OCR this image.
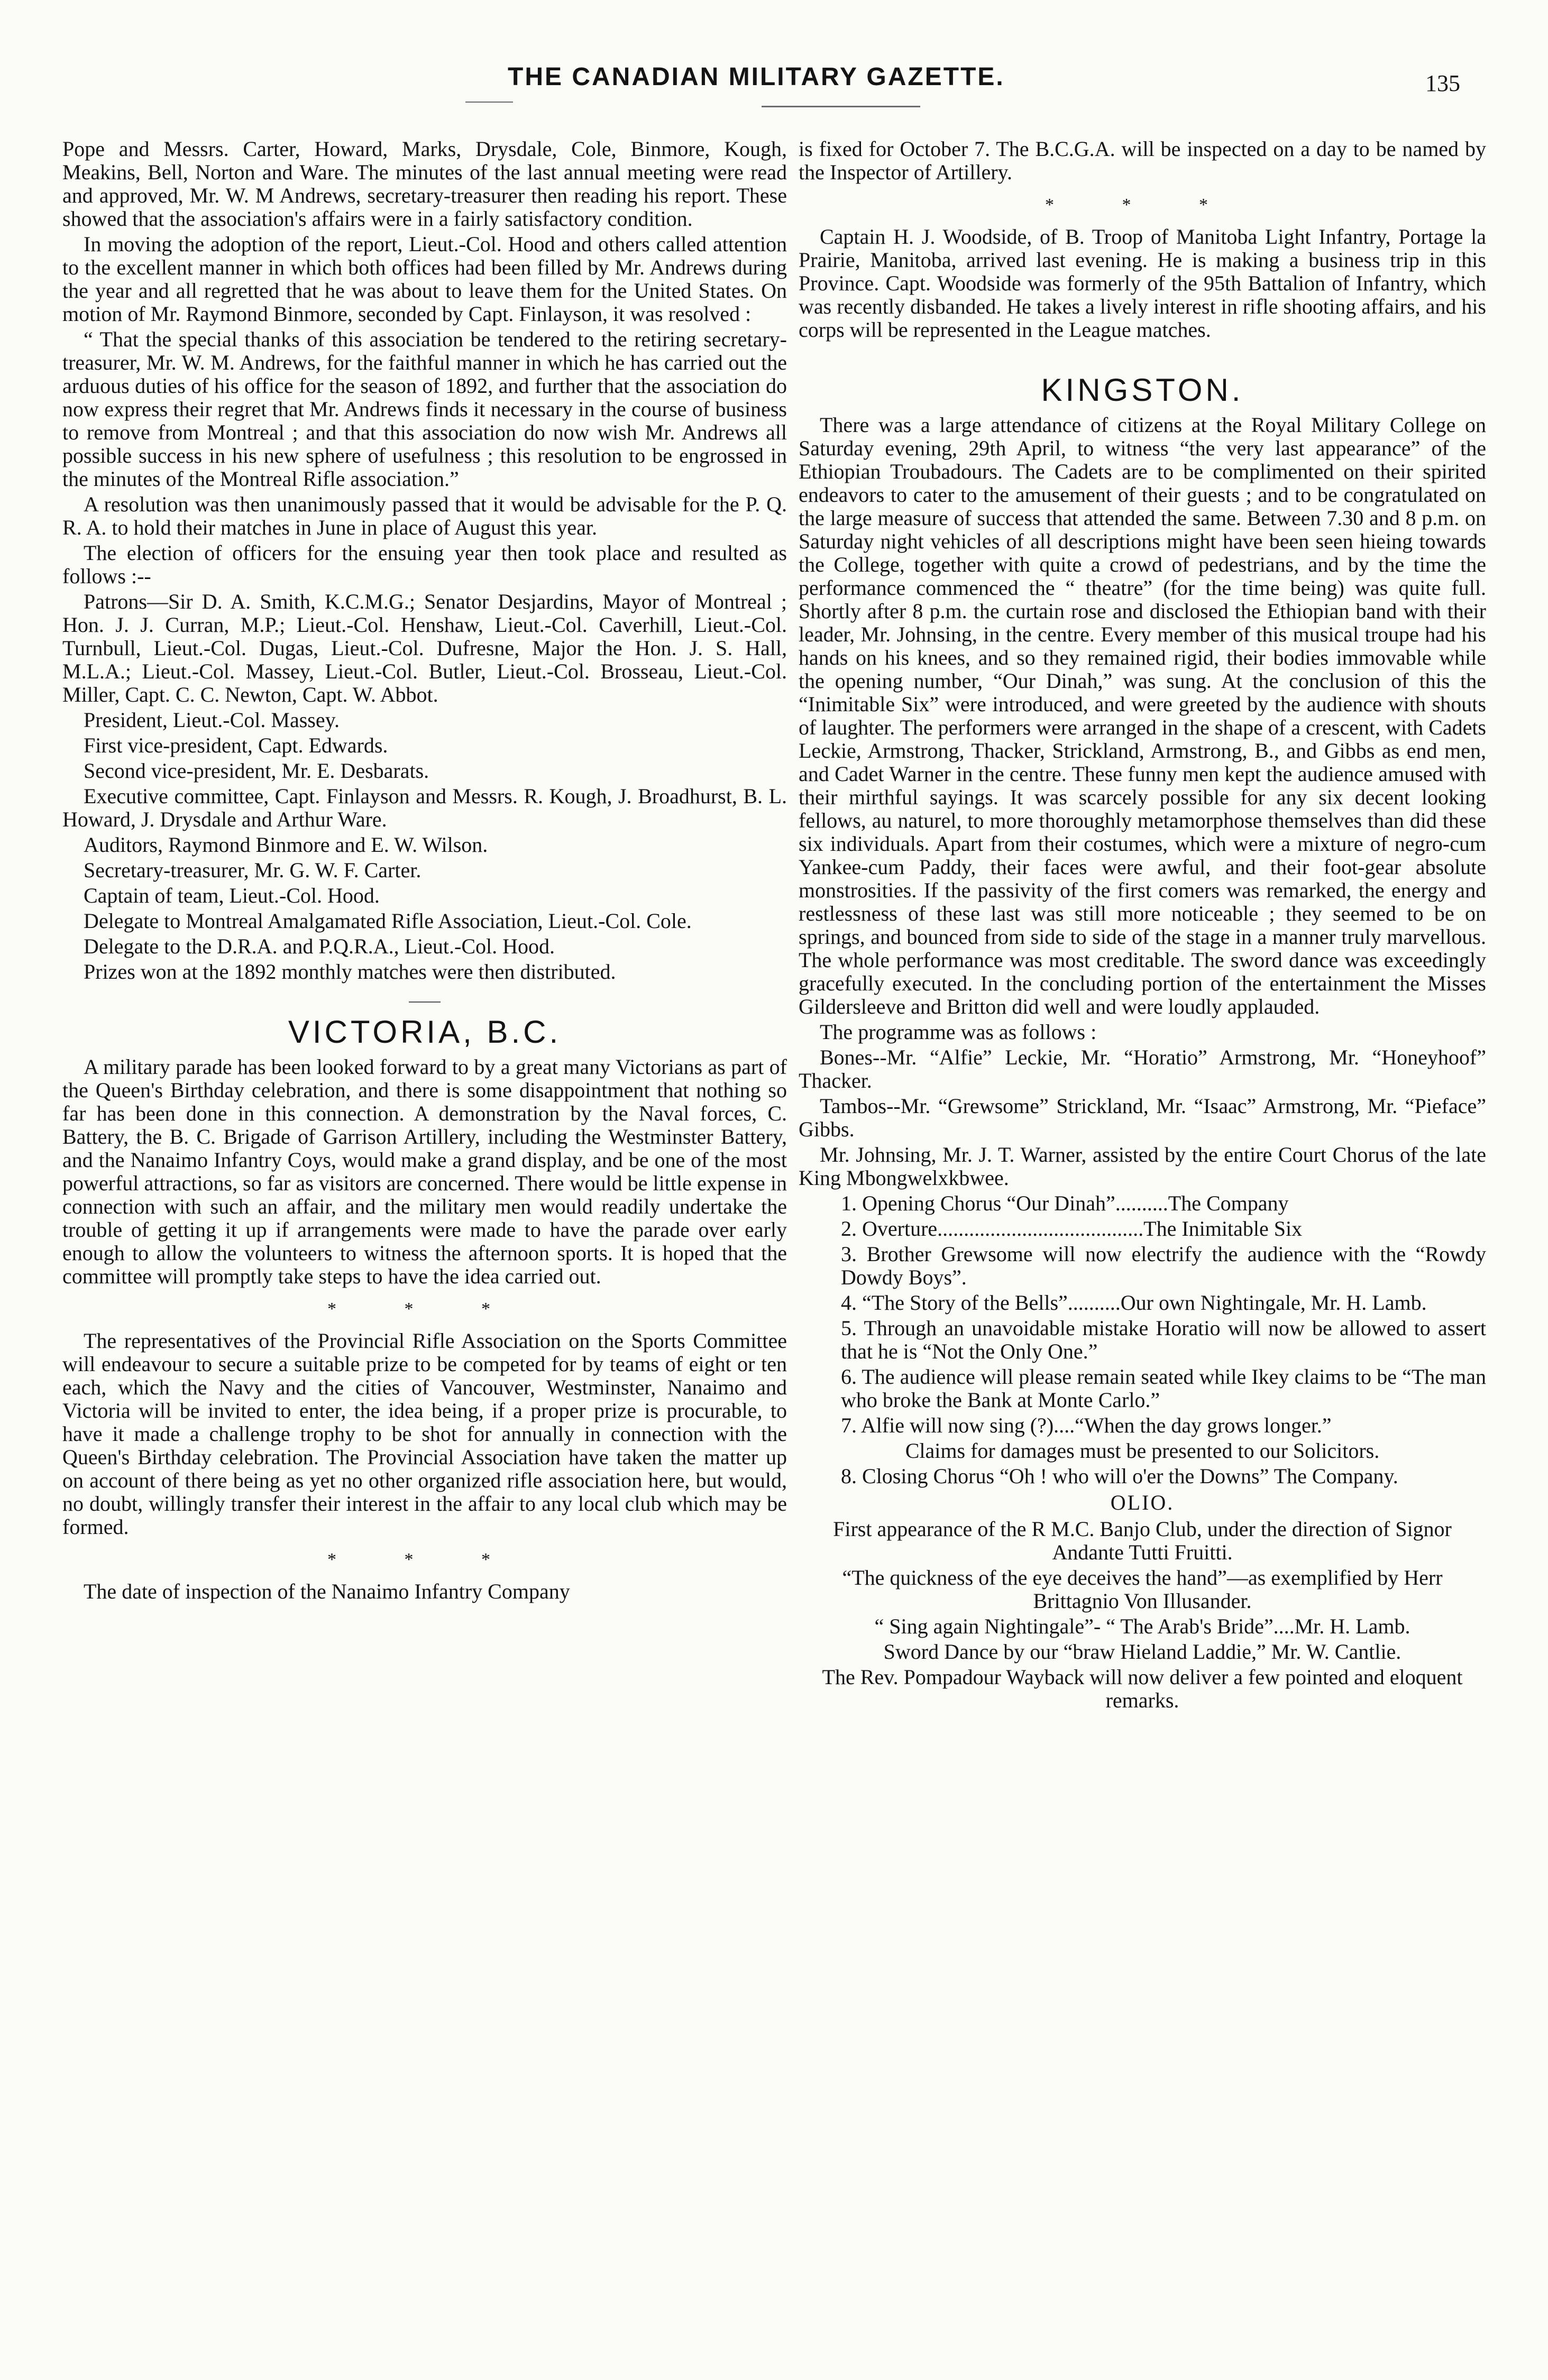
THE CANADIAN MILITARY GAZETTE.	135

Pope and Messrs. Carter, Howard, Marks, Drysdale, Cole, Binmore, Kough, Meakins, Bell, Norton and Ware. The minutes of the last annual meeting were read and approved, Mr. W. M Andrews, secretary-treasurer then reading his report. These showed that the association's affairs were in a fairly satisfactory condition.

In moving the adoption of the report, Lieut.-Col. Hood and others called attention to the excellent manner in which both offices had been filled by Mr. Andrews during the year and all regretted that he was about to leave them for the United States. On motion of Mr. Raymond Binmore, seconded by Capt. Finlayson, it was resolved :

“ That the special thanks of this association be tendered to the retiring secretary-treasurer, Mr. W. M. Andrews, for the faithful manner in which he has carried out the arduous duties of his office for the season of 1892, and further that the association do now express their regret that Mr. Andrews finds it necessary in the course of business to remove from Montreal ; and that this association do now wish Mr. Andrews all possible success in his new sphere of usefulness ; this resolution to be engrossed in the minutes of the Montreal Rifle association.”

A resolution was then unanimously passed that it would be advisable for the P. Q. R. A. to hold their matches in June in place of August this year.

The election of officers for the ensuing year then took place and resulted as follows :--

Patrons—Sir D. A. Smith, K.C.M.G.; Senator Desjardins, Mayor of Montreal ; Hon. J. J. Curran, M.P.; Lieut.-Col. Henshaw, Lieut.-Col. Caverhill, Lieut.-Col. Turnbull, Lieut.-Col. Dugas, Lieut.-Col. Dufresne, Major the Hon. J. S. Hall, M.L.A.; Lieut.-Col. Massey, Lieut.-Col. Butler, Lieut.-Col. Brosseau, Lieut.-Col. Miller, Capt. C. C. Newton, Capt. W. Abbot.

President, Lieut.-Col. Massey.

First vice-president, Capt. Edwards.

Second vice-president, Mr. E. Desbarats.

Executive committee, Capt. Finlayson and Messrs. R. Kough, J. Broadhurst, B. L. Howard, J. Drysdale and Arthur Ware.

Auditors, Raymond Binmore and E. W. Wilson.

Secretary-treasurer, Mr. G. W. F. Carter.

Captain of team, Lieut.-Col. Hood.

Delegate to Montreal Amalgamated Rifle Association, Lieut.-Col. Cole.

Delegate to the D.R.A. and P.Q.R.A., Lieut.-Col. Hood.

Prizes won at the 1892 monthly matches were then distributed.

VICTORIA, B.C.

A military parade has been looked forward to by a great many Victorians as part of the Queen's Birthday celebration, and there is some disappointment that nothing so far has been done in this connection. A demonstration by the Naval forces, C. Battery, the B. C. Brigade of Garrison Artillery, including the Westminster Battery, and the Nanaimo Infantry Coys, would make a grand display, and be one of the most powerful attractions, so far as visitors are concerned. There would be little expense in connection with such an affair, and the military men would readily undertake the trouble of getting it up if arrangements were made to have the parade over early enough to allow the volunteers to witness the afternoon sports. It is hoped that the committee will promptly take steps to have the idea carried out.

* * *

The representatives of the Provincial Rifle Association on the Sports Committee will endeavour to secure a suitable prize to be competed for by teams of eight or ten each, which the Navy and the cities of Vancouver, Westminster, Nanaimo and Victoria will be invited to enter, the idea being, if a proper prize is procurable, to have it made a challenge trophy to be shot for annually in connection with the Queen's Birthday celebration. The Provincial Association have taken the matter up on account of there being as yet no other organized rifle association here, but would, no doubt, willingly transfer their interest in the affair to any local club which may be formed.

* * *

The date of inspection of the Nanaimo Infantry Company

is fixed for October 7. The B.C.G.A. will be inspected on a day to be named by the Inspector of Artillery.

* * *

Captain H. J. Woodside, of B. Troop of Manitoba Light Infantry, Portage la Prairie, Manitoba, arrived last evening. He is making a business trip in this Province. Capt. Woodside was formerly of the 95th Battalion of Infantry, which was recently disbanded. He takes a lively interest in rifle shooting affairs, and his corps will be represented in the League matches.

KINGSTON.

There was a large attendance of citizens at the Royal Military College on Saturday evening, 29th April, to witness “the very last appearance” of the Ethiopian Troubadours. The Cadets are to be complimented on their spirited endeavors to cater to the amusement of their guests ; and to be congratulated on the large measure of success that attended the same. Between 7.30 and 8 p.m. on Saturday night vehicles of all descriptions might have been seen hieing towards the College, together with quite a crowd of pedestrians, and by the time the performance commenced the “ theatre” (for the time being) was quite full. Shortly after 8 p.m. the curtain rose and disclosed the Ethiopian band with their leader, Mr. Johnsing, in the centre. Every member of this musical troupe had his hands on his knees, and so they remained rigid, their bodies immovable while the opening number, “Our Dinah,” was sung. At the conclusion of this the “Inimitable Six” were introduced, and were greeted by the audience with shouts of laughter. The performers were arranged in the shape of a crescent, with Cadets Leckie, Armstrong, Thacker, Strickland, Armstrong, B., and Gibbs as end men, and Cadet Warner in the centre. These funny men kept the audience amused with their mirthful sayings. It was scarcely possible for any six decent looking fellows, au naturel, to more thoroughly metamorphose themselves than did these six individuals. Apart from their costumes, which were a mixture of negro-cum Yankee-cum Paddy, their faces were awful, and their foot-gear absolute monstrosities. If the passivity of the first comers was remarked, the energy and restlessness of these last was still more noticeable ; they seemed to be on springs, and bounced from side to side of the stage in a manner truly marvellous. The whole performance was most creditable. The sword dance was exceedingly gracefully executed. In the concluding portion of the entertainment the Misses Gildersleeve and Britton did well and were loudly applauded.

The programme was as follows :

Bones--Mr. “Alfie” Leckie, Mr. “Horatio” Armstrong, Mr. “Honeyhoof” Thacker.

Tambos--Mr. “Grewsome” Strickland, Mr. “Isaac” Armstrong, Mr. “Pieface” Gibbs.

Mr. Johnsing, Mr. J. T. Warner, assisted by the entire Court Chorus of the late King Mbongwelxkbwee.

1. Opening Chorus “Our Dinah”..........The Company

2. Overture.......................................The Inimitable Six

3. Brother Grewsome will now electrify the audience with the “Rowdy Dowdy Boys”.

4. “The Story of the Bells”..........Our own Nightingale, Mr. H. Lamb.

5. Through an unavoidable mistake Horatio will now be allowed to assert that he is “Not the Only One.”

6. The audience will please remain seated while Ikey claims to be “The man who broke the Bank at Monte Carlo.”

7. Alfie will now sing (?)....“When the day grows longer.”

Claims for damages must be presented to our Solicitors.

8. Closing Chorus “Oh ! who will o'er the Downs” The Company.

OLIO.

First appearance of the R M.C. Banjo Club, under the direction of Signor Andante Tutti Fruitti.

“The quickness of the eye deceives the hand”—as exemplified by Herr Brittagnio Von Illusander.

“ Sing again Nightingale”- “ The Arab's Bride”....Mr. H. Lamb.

Sword Dance by our “braw Hieland Laddie,” Mr. W. Cantlie.

The Rev. Pompadour Wayback will now deliver a few pointed and eloquent remarks.
